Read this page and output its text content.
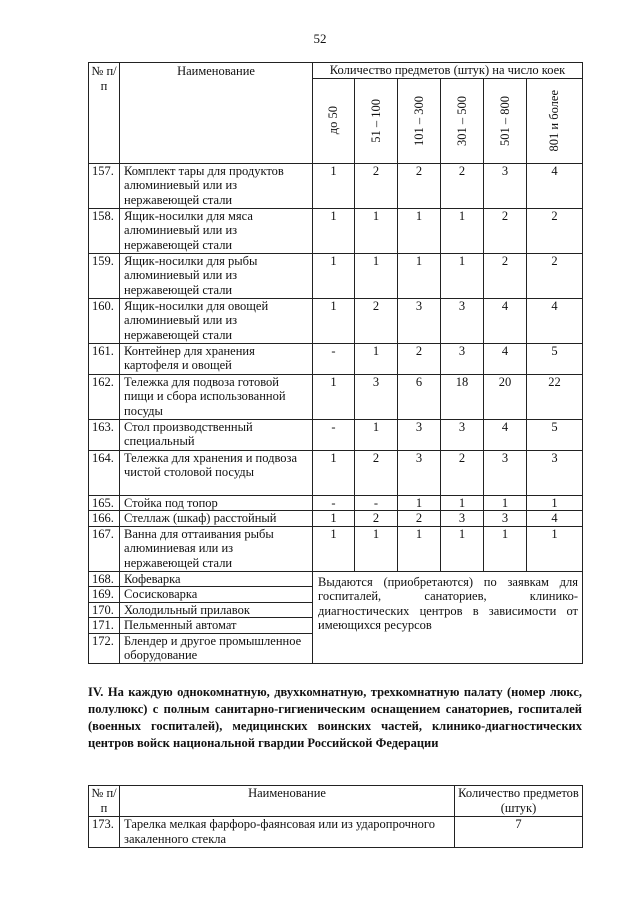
52
№ п/п	Наименование	Количество предметов (штук) на число коек					

		до 50	51 – 100	101 – 300	301 – 500	501 – 800	801 и более

157.	Комплект тары для продуктов алюминиевый или из нержавеющей стали	1	2	2	2	3	4
158.	Ящик-носилки для мяса алюминиевый или из нержавеющей стали	1	1	1	1	2	2
159.	Ящик-носилки для рыбы алюминиевый или из нержавеющей стали	1	1	1	1	2	2
160.	Ящик-носилки для овощей алюминиевый или из нержавеющей стали	1	2	3	3	4	4
161.	Контейнер для хранения картофеля и овощей	-	1	2	3	4	5
162.	Тележка для подвоза готовой пищи и сбора использованной посуды	1	3	6	18	20	22
163.	Стол производственный специальный	-	1	3	3	4	5
164.	Тележка для хранения и подвоза чистой столовой посуды	1	2	3	2	3	3
165.	Стойка под топор	-	-	1	1	1	1
166.	Стеллаж (шкаф) расстойный	1	2	2	3	3	4
167.	Ванна для оттаивания рыбы алюминиевая или из нержавеющей стали	1	1	1	1	1	1
168.	Кофеварка	Выдаются (приобретаются) по заявкам для госпиталей, санаториев, клинико-диагностических центров в зависимости от имеющихся ресурсов					
169.	Сосисковарка						
170.	Холодильный прилавок						
171.	Пельменный автомат						
172.	Блендер и другое промышленное оборудование						
IV. На каждую однокомнатную, двухкомнатную, трехкомнатную палату (номер люкс, полулюкс) с полным санитарно-гигиеническим оснащением санаториев, госпиталей (военных госпиталей), медицинских воинских частей, клинико-диагностических центров войск национальной гвардии Российской Федерации
№ п/п	Наименование	Количество предметов (штук)
173.	Тарелка мелкая фарфоро-фаянсовая или из ударопрочного закаленного стекла	7
